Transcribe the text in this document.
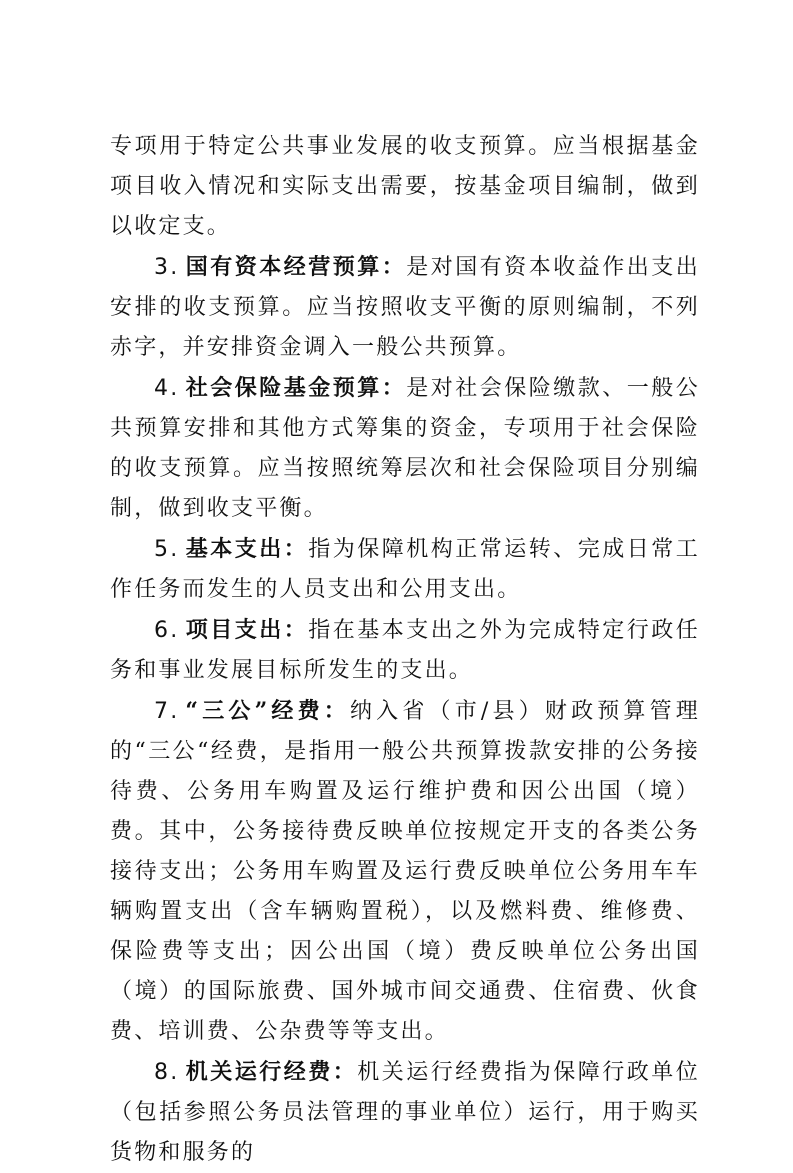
专项用于特定公共事业发展的收支预算。应当根据基金项目收入情况和实际支出需要，按基金项目编制，做到以收定支。

3. 国有资本经营预算：是对国有资本收益作出支出安排的收支预算。应当按照收支平衡的原则编制，不列赤字，并安排资金调入一般公共预算。

4. 社会保险基金预算：是对社会保险缴款、一般公共预算安排和其他方式筹集的资金，专项用于社会保险的收支预算。应当按照统筹层次和社会保险项目分别编制，做到收支平衡。

5. 基本支出：指为保障机构正常运转、完成日常工作任务而发生的人员支出和公用支出。

6. 项目支出：指在基本支出之外为完成特定行政任务和事业发展目标所发生的支出。

7. “三公”经费：纳入省（市/县）财政预算管理的“三公“经费，是指用一般公共预算拨款安排的公务接待费、公务用车购置及运行维护费和因公出国（境）费。其中，公务接待费反映单位按规定开支的各类公务接待支出；公务用车购置及运行费反映单位公务用车车辆购置支出（含车辆购置税），以及燃料费、维修费、保险费等支出；因公出国（境）费反映单位公务出国（境）的国际旅费、国外城市间交通费、住宿费、伙食费、培训费、公杂费等等支出。

8. 机关运行经费：机关运行经费指为保障行政单位（包括参照公务员法管理的事业单位）运行，用于购买货物和服务的
